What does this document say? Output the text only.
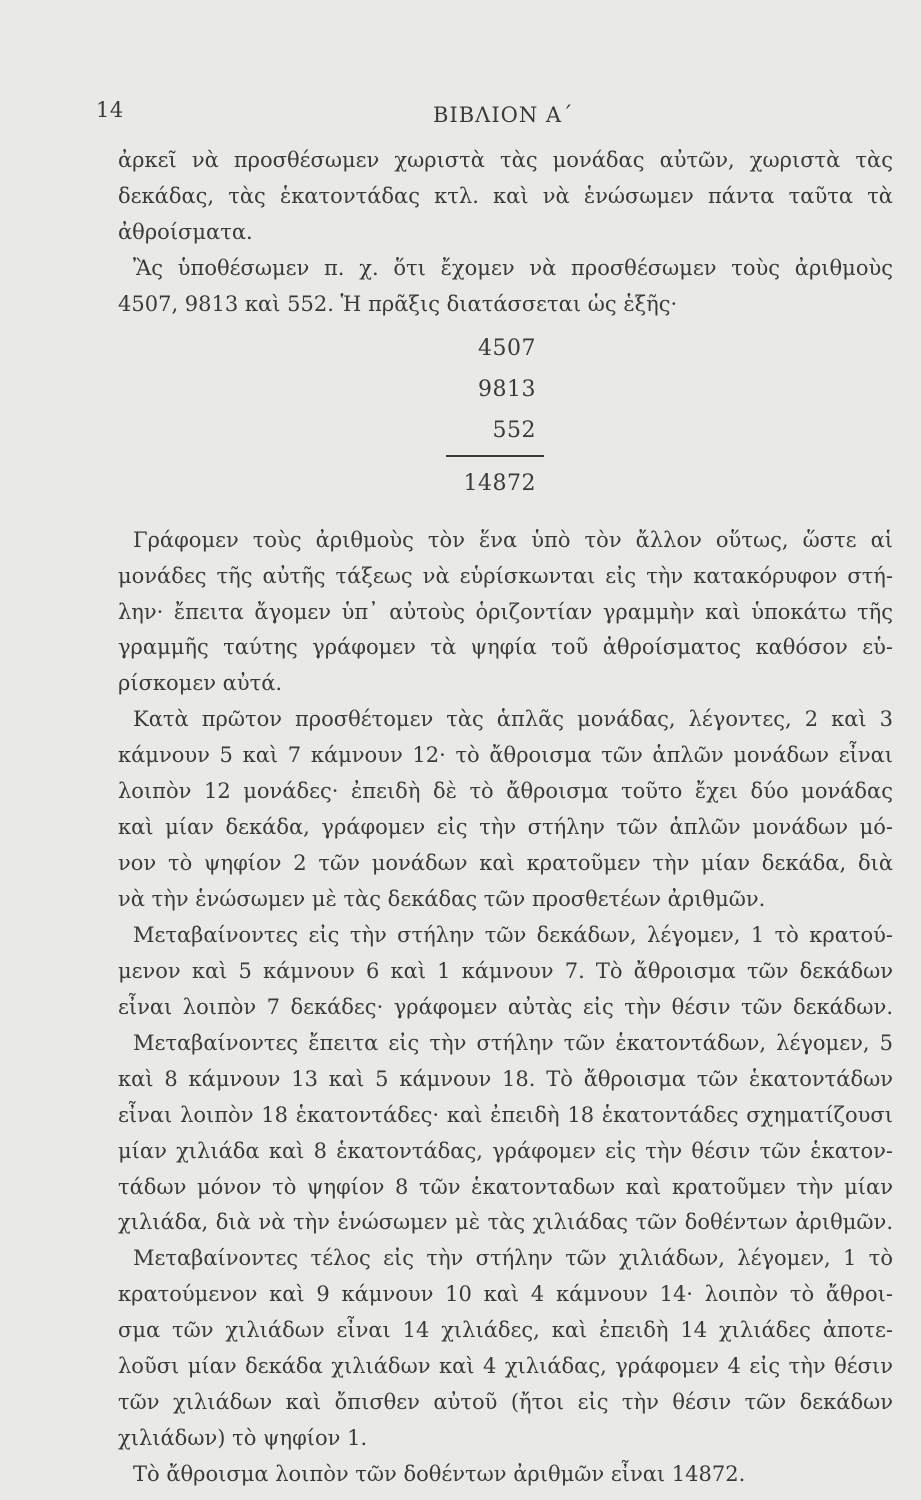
14	ΒΙΒΛΙΟΝ Α΄
ἀρκεῖ νὰ προσθέσωμεν χωριστὰ τὰς μονάδας αὐτῶν, χωριστὰ τὰς
δεκάδας, τὰς ἑκατοντάδας κτλ. καὶ νὰ ἑνώσωμεν πάντα ταῦτα τὰ
ἀθροίσματα.
Ἂς ὑποθέσωμεν π. χ. ὅτι ἔχομεν νὰ προσθέσωμεν τοὺς ἀριθμοὺς
4507, 9813 καὶ 552. Ἡ πρᾶξις διατάσσεται ὡς ἑξῆς·
4507
9813
552
14872
Γράφομεν τοὺς ἀριθμοὺς τὸν ἕνα ὑπὸ τὸν ἄλλον οὕτως, ὥστε αἱ
μονάδες τῆς αὐτῆς τάξεως νὰ εὑρίσκωνται εἰς τὴν κατακόρυφον στή-
λην· ἔπειτα ἄγομεν ὑπ᾽ αὐτοὺς ὁριζοντίαν γραμμὴν καὶ ὑποκάτω τῆς
γραμμῆς ταύτης γράφομεν τὰ ψηφία τοῦ ἀθροίσματος καθόσον εὑ-
ρίσκομεν αὐτά.
Κατὰ πρῶτον προσθέτομεν τὰς ἁπλᾶς μονάδας, λέγοντες, 2 καὶ 3
κάμνουν 5 καὶ 7 κάμνουν 12· τὸ ἄθροισμα τῶν ἁπλῶν μονάδων εἶναι
λοιπὸν 12 μονάδες· ἐπειδὴ δὲ τὸ ἄθροισμα τοῦτο ἔχει δύο μονάδας
καὶ μίαν δεκάδα, γράφομεν εἰς τὴν στήλην τῶν ἁπλῶν μονάδων μό-
νον τὸ ψηφίον 2 τῶν μονάδων καὶ κρατοῦμεν τὴν μίαν δεκάδα, διὰ
νὰ τὴν ἑνώσωμεν μὲ τὰς δεκάδας τῶν προσθετέων ἀριθμῶν.
Μεταβαίνοντες εἰς τὴν στήλην τῶν δεκάδων, λέγομεν, 1 τὸ κρατού-
μενον καὶ 5 κάμνουν 6 καὶ 1 κάμνουν 7. Τὸ ἄθροισμα τῶν δεκάδων
εἶναι λοιπὸν 7 δεκάδες· γράφομεν αὐτὰς εἰς τὴν θέσιν τῶν δεκάδων.
Μεταβαίνοντες ἔπειτα εἰς τὴν στήλην τῶν ἑκατοντάδων, λέγομεν, 5
καὶ 8 κάμνουν 13 καὶ 5 κάμνουν 18. Τὸ ἄθροισμα τῶν ἑκατοντάδων
εἶναι λοιπὸν 18 ἑκατοντάδες· καὶ ἐπειδὴ 18 ἑκατοντάδες σχηματίζουσι
μίαν χιλιάδα καὶ 8 ἑκατοντάδας, γράφομεν εἰς τὴν θέσιν τῶν ἑκατον-
τάδων μόνον τὸ ψηφίον 8 τῶν ἑκατονταδων καὶ κρατοῦμεν τὴν μίαν
χιλιάδα, διὰ νὰ τὴν ἑνώσωμεν μὲ τὰς χιλιάδας τῶν δοθέντων ἀριθμῶν.
Μεταβαίνοντες τέλος εἰς τὴν στήλην τῶν χιλιάδων, λέγομεν, 1 τὸ
κρατούμενον καὶ 9 κάμνουν 10 καὶ 4 κάμνουν 14· λοιπὸν τὸ ἄθροι-
σμα τῶν χιλιάδων εἶναι 14 χιλιάδες, καὶ ἐπειδὴ 14 χιλιάδες ἀποτε-
λοῦσι μίαν δεκάδα χιλιάδων καὶ 4 χιλιάδας, γράφομεν 4 εἰς τὴν θέσιν
τῶν χιλιάδων καὶ ὄπισθεν αὐτοῦ (ἤτοι εἰς τὴν θέσιν τῶν δεκάδων
χιλιάδων) τὸ ψηφίον 1.
Τὸ ἄθροισμα λοιπὸν τῶν δοθέντων ἀριθμῶν εἶναι 14872.
